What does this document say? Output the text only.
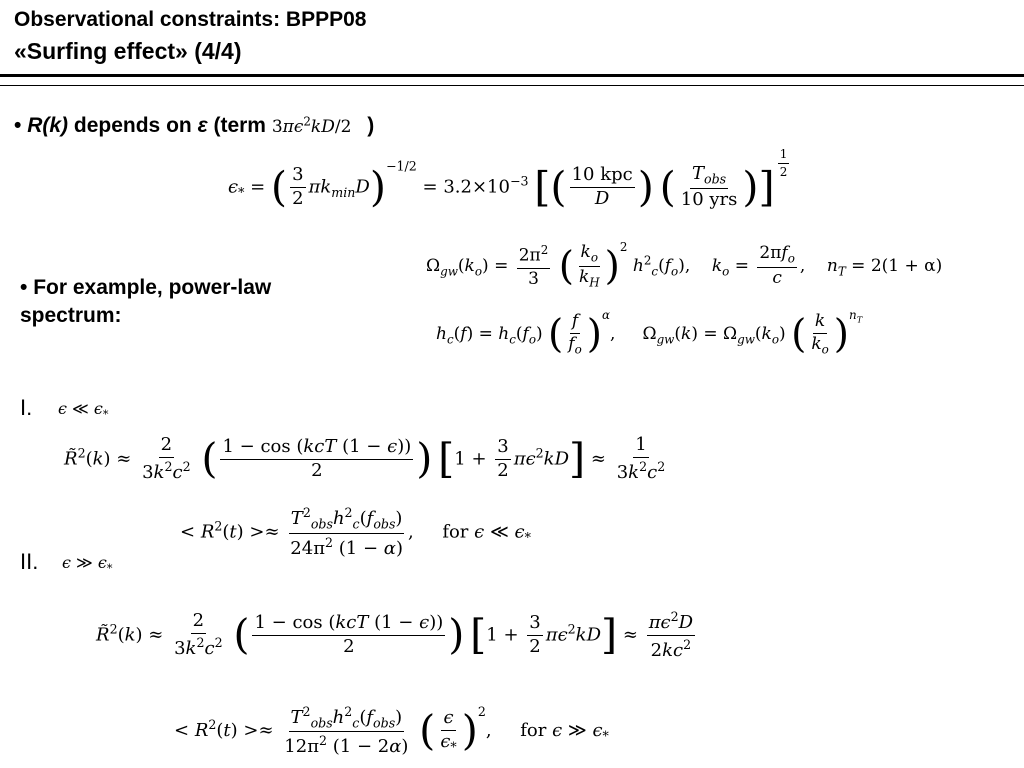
Observational constraints: BPPP08
«Surfing effect» (4/4)
• R(k) depends on ε (term $3\pi\epsilon^2kD/2$ )
$\epsilon_*$ = ( $\frac{3}{2} \pi k_{min}D)^{-1/2} = 3.2\times 10^{-3}$ [( $\frac{\text{10 kpc}}{D}$ ) ( $\frac{T_{obs}}{\text{10 yrs}}$ )] $^{\frac{1}{2}}$
• For example, power-law
spectrum:
$\Omega_{gw}(k_o) = \frac{2\pi^2}{3}$ ( $\frac{k_o}{k_H} )^2$ $h^2_c(f_o)$,    $k_o = \frac{2\pi f_o}{c}$ ,    $n_T = 2(1 + \alpha)$
$h_c(f) = h_c(f_o)$ ( $\frac{f}{f_o} )^\alpha$,     $\Omega_{gw}(k) = \Omega_{gw}(k_o)$ ( $\frac{k}{k_o} )^{n_T}$
I. ϵ ≪ $\epsilon_*$
R̃$^2$(k) ≈ $\frac{2}{3k^2c^2}$ ( $\frac{\text{1 − cos (kcT (1 − ϵ))}}{2}$ ) $[1 + \frac{3}{2} \pi\epsilon^2kD] \approx \frac{1}{3k^2c^2}$
< $R^2(t) >\approx \frac{T^2_{obs}h^2_c(f_{obs})}{24\pi^2 (1 - \alpha)}$ ,     for ϵ ≪ $\epsilon_*$
II. ϵ ≫ $\epsilon_*$
R̃$^2$(k) ≈ $\frac{2}{3k^2c^2}$ ( $\frac{\text{1 − cos (kcT (1 − ϵ))}}{2}$ ) $[1 + \frac{3}{2} \pi\epsilon^2kD] \approx \frac{\pi\epsilon^2D}{2kc^2}$
< $R^2(t) >\approx \frac{T^2_{obs}h^2_c(f_{obs})}{12\pi^2 (1 - 2\alpha)}$ ( $\frac{\epsilon}{\epsilon_*} )^2$,     for ϵ ≫ $\epsilon_*$
